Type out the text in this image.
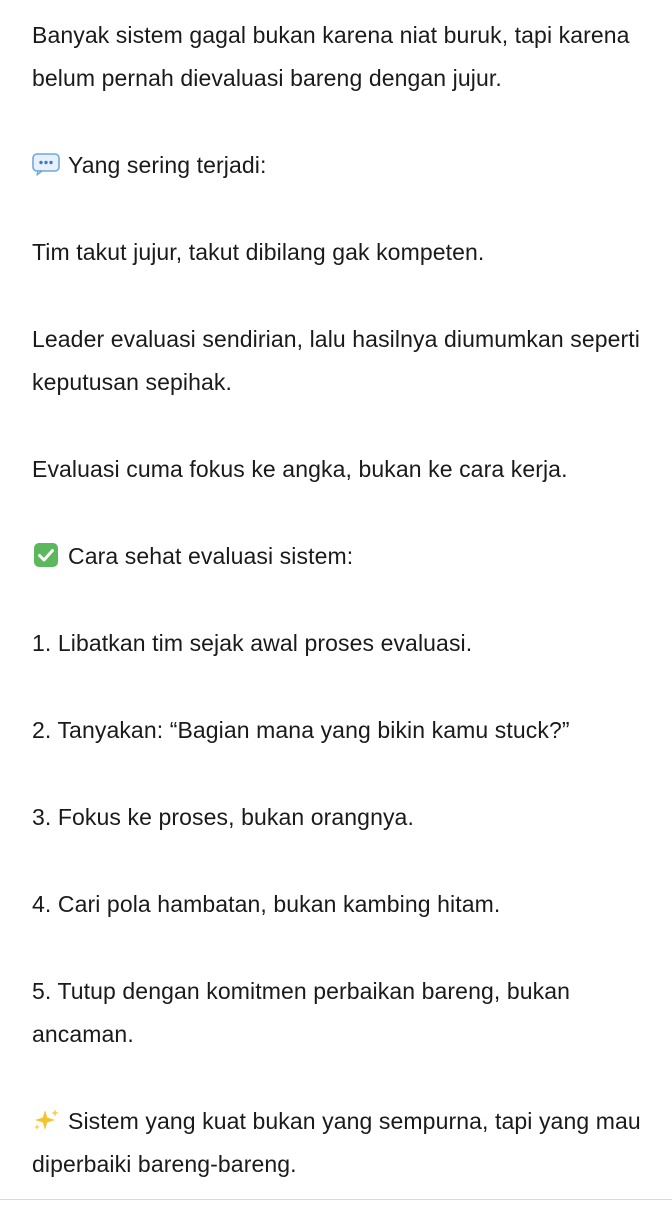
Banyak sistem gagal bukan karena niat buruk, tapi karena belum pernah dievaluasi bareng dengan jujur.

Yang sering terjadi:

Tim takut jujur, takut dibilang gak kompeten.

Leader evaluasi sendirian, lalu hasilnya diumumkan seperti keputusan sepihak.

Evaluasi cuma fokus ke angka, bukan ke cara kerja.

Cara sehat evaluasi sistem:

1. Libatkan tim sejak awal proses evaluasi.

2. Tanyakan: “Bagian mana yang bikin kamu stuck?”

3. Fokus ke proses, bukan orangnya.

4. Cari pola hambatan, bukan kambing hitam.

5. Tutup dengan komitmen perbaikan bareng, bukan ancaman.

Sistem yang kuat bukan yang sempurna, tapi yang mau diperbaiki bareng-bareng.
